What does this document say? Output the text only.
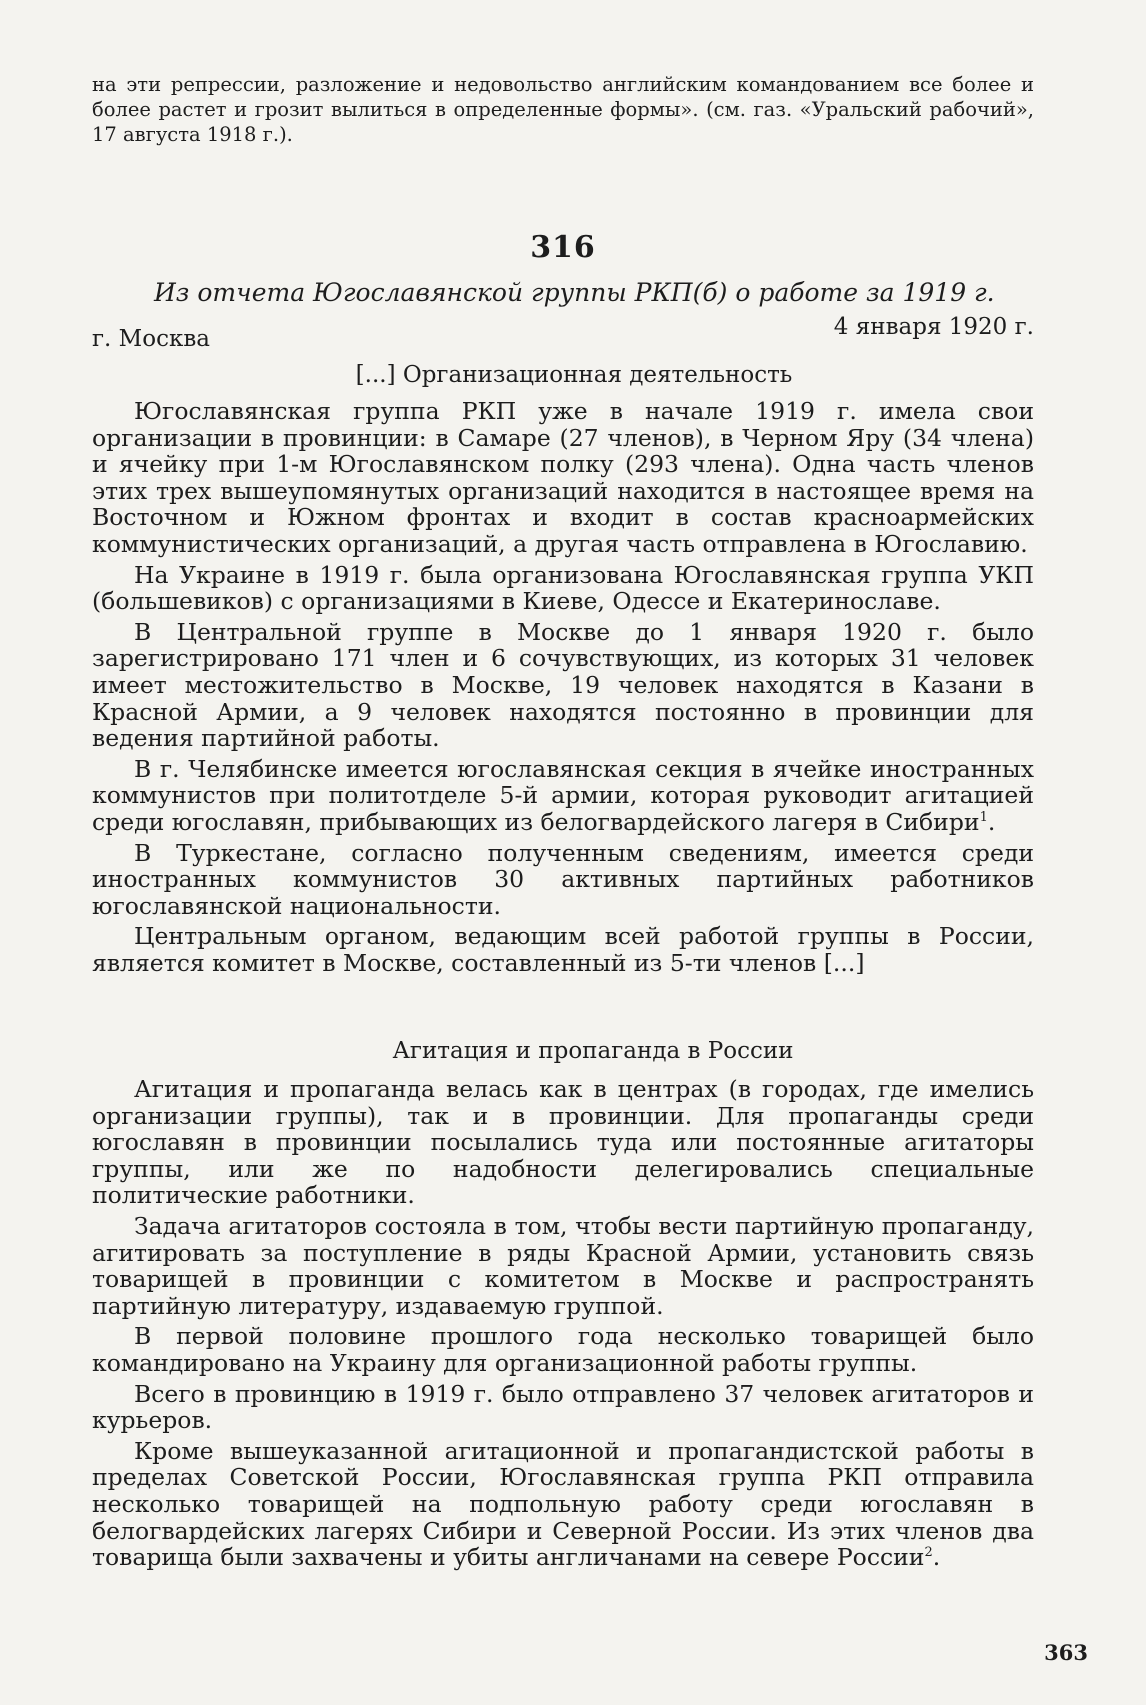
на эти репрессии, разложение и недовольство английским командованием все более и более растет и грозит вылиться в определенные формы». (см. газ. «Уральский рабочий», 17 августа 1918 г.).

316

Из отчета Югославянской группы РКП(б) о работе за 1919 г.

г. Москва	4 января 1920 г.

[...] Организационная деятельность

Югославянская группа РКП уже в начале 1919 г. имела свои организации в провинции: в Самаре (27 членов), в Черном Яру (34 члена) и ячейку при 1-м Югославянском полку (293 члена). Одна часть членов этих трех вышеупомянутых организаций находится в настоящее время на Восточном и Южном фронтах и входит в состав красноармейских коммунистических организаций, а другая часть отправлена в Югославию.

На Украине в 1919 г. была организована Югославянская группа УКП (большевиков) с организациями в Киеве, Одессе и Екатеринославе.

В Центральной группе в Москве до 1 января 1920 г. было зарегистрировано 171 член и 6 сочувствующих, из которых 31 человек имеет местожительство в Москве, 19 человек находятся в Казани в Красной Армии, а 9 человек находятся постоянно в провинции для ведения партийной работы.

В г. Челябинске имеется югославянская секция в ячейке иностранных коммунистов при политотделе 5-й армии, которая руководит агитацией среди югославян, прибывающих из белогвардейского лагеря в Сибири$^1$.

В Туркестане, согласно полученным сведениям, имеется среди иностранных коммунистов 30 активных партийных работников югославянской национальности.

Центральным органом, ведающим всей работой группы в России, является комитет в Москве, составленный из 5-ти членов [...]

Агитация и пропаганда в России

Агитация и пропаганда велась как в центрах (в городах, где имелись организации группы), так и в провинции. Для пропаганды среди югославян в провинции посылались туда или постоянные агитаторы группы, или же по надобности делегировались специальные политические работники.

Задача агитаторов состояла в том, чтобы вести партийную пропаганду, агитировать за поступление в ряды Красной Армии, установить связь товарищей в провинции с комитетом в Москве и распространять партийную литературу, издаваемую группой.

В первой половине прошлого года несколько товарищей было командировано на Украину для организационной работы группы.

Всего в провинцию в 1919 г. было отправлено 37 человек агитаторов и курьеров.

Кроме вышеуказанной агитационной и пропагандистской работы в пределах Советской России, Югославянская группа РКП отправила несколько товарищей на подпольную работу среди югославян в белогвардейских лагерях Сибири и Северной России. Из этих членов два товарища были захвачены и убиты англичанами на севере России$^2$.

363
